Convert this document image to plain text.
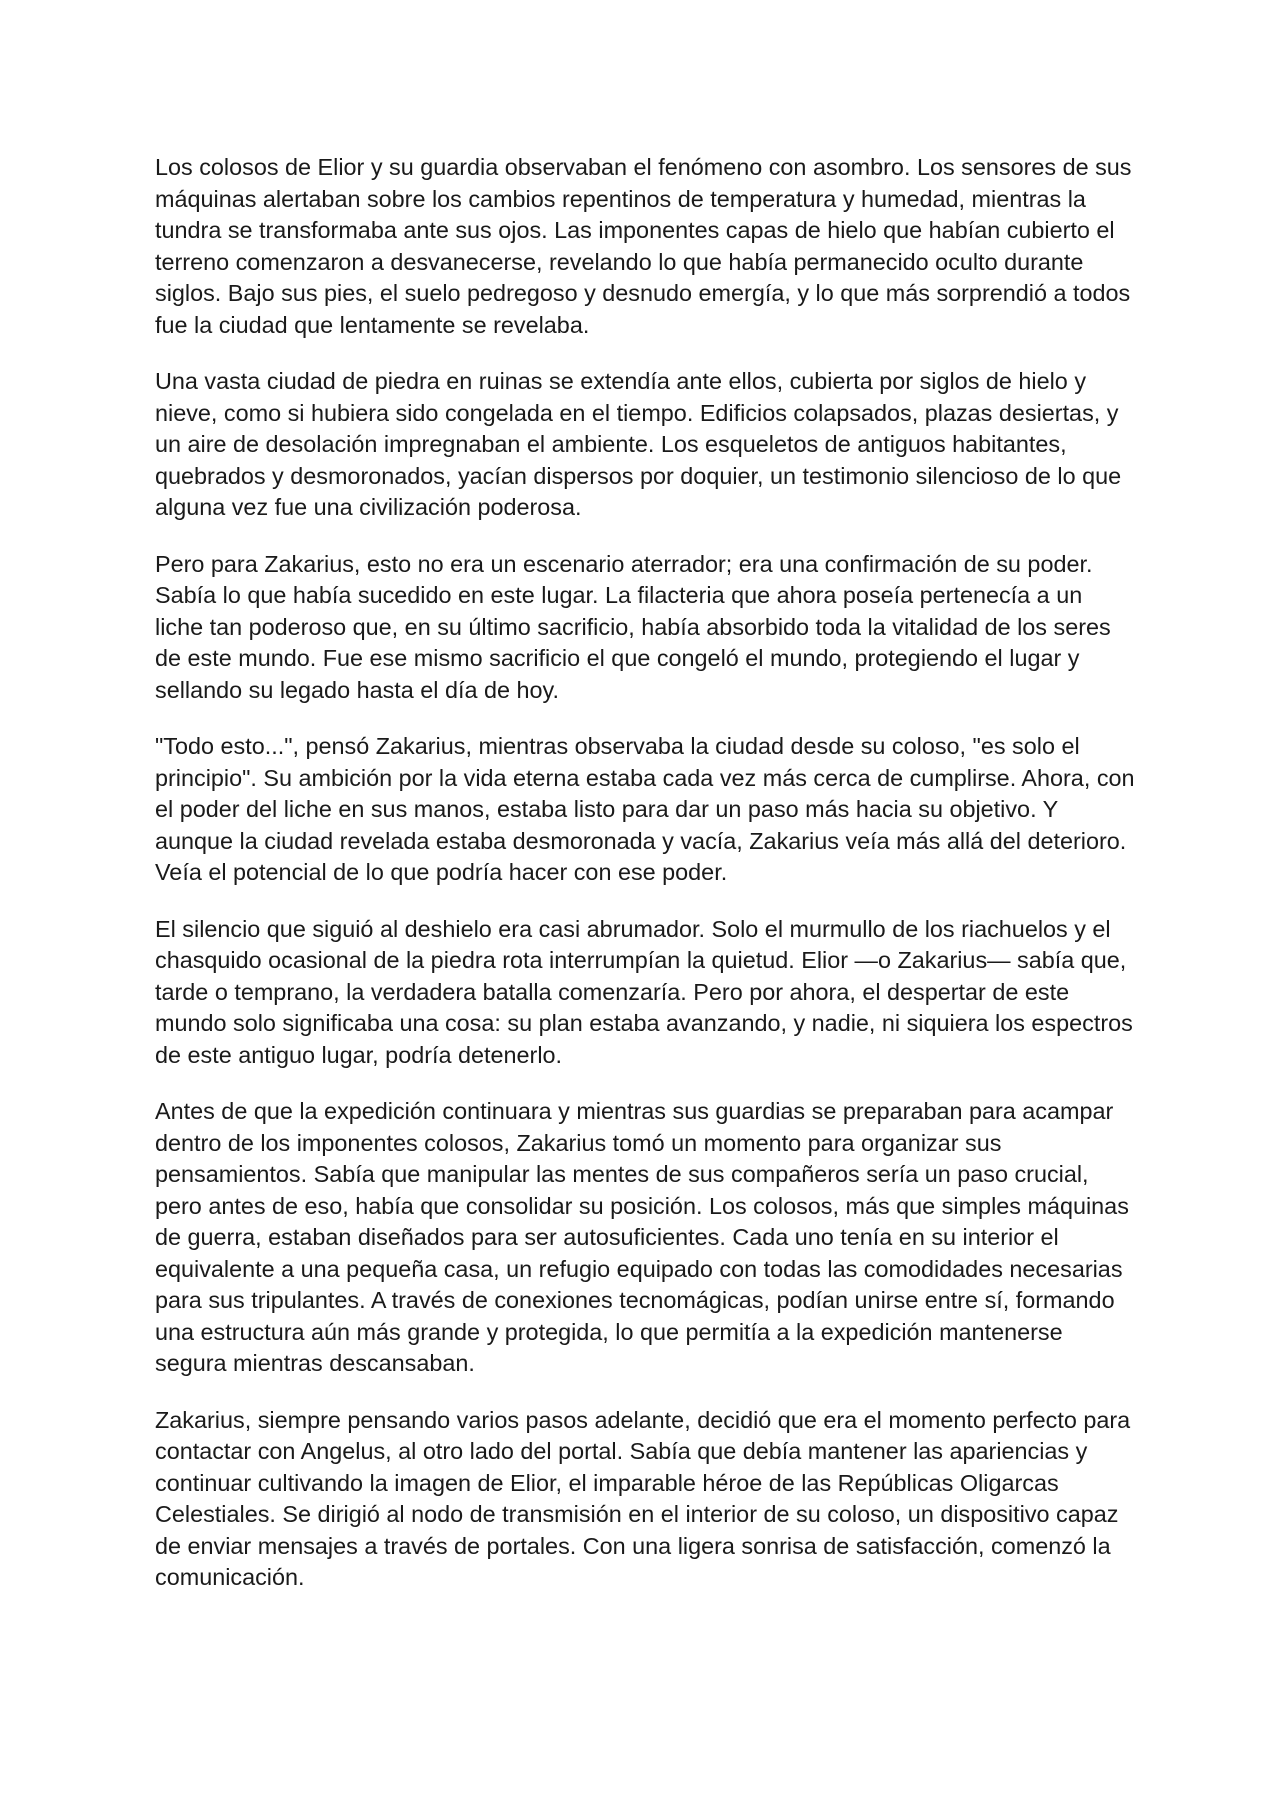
Los colosos de Elior y su guardia observaban el fenómeno con asombro. Los sensores de sus máquinas alertaban sobre los cambios repentinos de temperatura y humedad, mientras la tundra se transformaba ante sus ojos. Las imponentes capas de hielo que habían cubierto el terreno comenzaron a desvanecerse, revelando lo que había permanecido oculto durante siglos. Bajo sus pies, el suelo pedregoso y desnudo emergía, y lo que más sorprendió a todos fue la ciudad que lentamente se revelaba.

Una vasta ciudad de piedra en ruinas se extendía ante ellos, cubierta por siglos de hielo y nieve, como si hubiera sido congelada en el tiempo. Edificios colapsados, plazas desiertas, y un aire de desolación impregnaban el ambiente. Los esqueletos de antiguos habitantes, quebrados y desmoronados, yacían dispersos por doquier, un testimonio silencioso de lo que alguna vez fue una civilización poderosa.

Pero para Zakarius, esto no era un escenario aterrador; era una confirmación de su poder. Sabía lo que había sucedido en este lugar. La filacteria que ahora poseía pertenecía a un liche tan poderoso que, en su último sacrificio, había absorbido toda la vitalidad de los seres de este mundo. Fue ese mismo sacrificio el que congeló el mundo, protegiendo el lugar y sellando su legado hasta el día de hoy.

"Todo esto...", pensó Zakarius, mientras observaba la ciudad desde su coloso, "es solo el principio". Su ambición por la vida eterna estaba cada vez más cerca de cumplirse. Ahora, con el poder del liche en sus manos, estaba listo para dar un paso más hacia su objetivo. Y aunque la ciudad revelada estaba desmoronada y vacía, Zakarius veía más allá del deterioro. Veía el potencial de lo que podría hacer con ese poder.

El silencio que siguió al deshielo era casi abrumador. Solo el murmullo de los riachuelos y el chasquido ocasional de la piedra rota interrumpían la quietud. Elior —o Zakarius— sabía que, tarde o temprano, la verdadera batalla comenzaría. Pero por ahora, el despertar de este mundo solo significaba una cosa: su plan estaba avanzando, y nadie, ni siquiera los espectros de este antiguo lugar, podría detenerlo.

Antes de que la expedición continuara y mientras sus guardias se preparaban para acampar dentro de los imponentes colosos, Zakarius tomó un momento para organizar sus pensamientos. Sabía que manipular las mentes de sus compañeros sería un paso crucial, pero antes de eso, había que consolidar su posición. Los colosos, más que simples máquinas de guerra, estaban diseñados para ser autosuficientes. Cada uno tenía en su interior el equivalente a una pequeña casa, un refugio equipado con todas las comodidades necesarias para sus tripulantes. A través de conexiones tecnomágicas, podían unirse entre sí, formando una estructura aún más grande y protegida, lo que permitía a la expedición mantenerse segura mientras descansaban.

Zakarius, siempre pensando varios pasos adelante, decidió que era el momento perfecto para contactar con Angelus, al otro lado del portal. Sabía que debía mantener las apariencias y continuar cultivando la imagen de Elior, el imparable héroe de las Repúblicas Oligarcas Celestiales. Se dirigió al nodo de transmisión en el interior de su coloso, un dispositivo capaz de enviar mensajes a través de portales. Con una ligera sonrisa de satisfacción, comenzó la comunicación.
